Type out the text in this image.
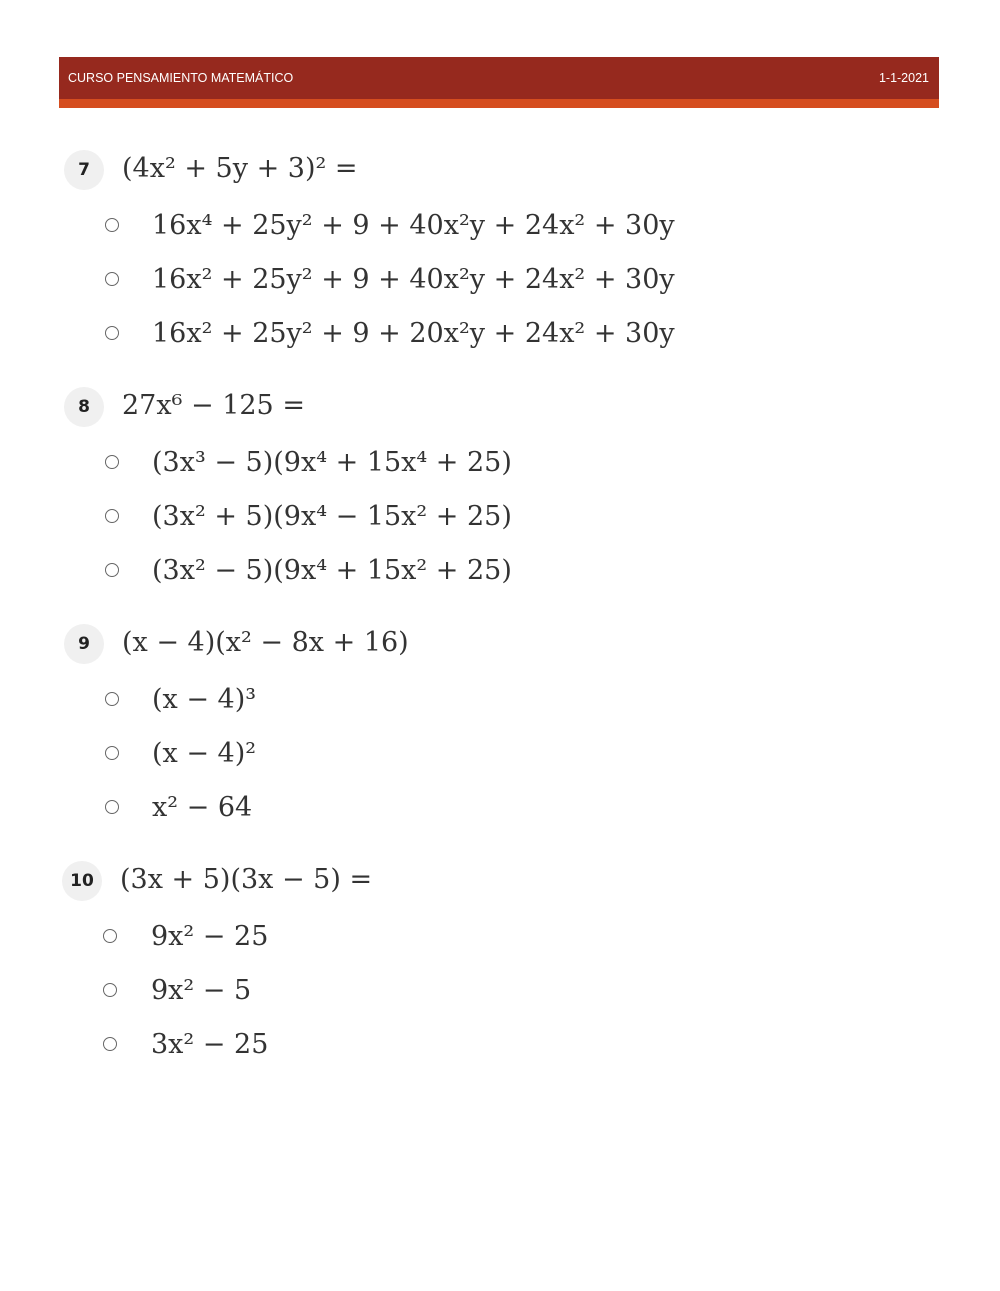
CURSO PENSAMIENTO MATEMÁTICO	1-1-2021
7	(4x² + 5y + 3)² =
16x⁴ + 25y² + 9 + 40x²y + 24x² + 30y
16x² + 25y² + 9 + 40x²y + 24x² + 30y
16x² + 25y² + 9 + 20x²y + 24x² + 30y
8	27x⁶ − 125 =
(3x³ − 5)(9x⁴ + 15x⁴ + 25)
(3x² + 5)(9x⁴ − 15x² + 25)
(3x² − 5)(9x⁴ + 15x² + 25)
9	(x − 4)(x² − 8x + 16)
(x − 4)³
(x − 4)²
x² − 64
10 (3x + 5)(3x − 5) =
9x² − 25
9x² − 5
3x² − 25
